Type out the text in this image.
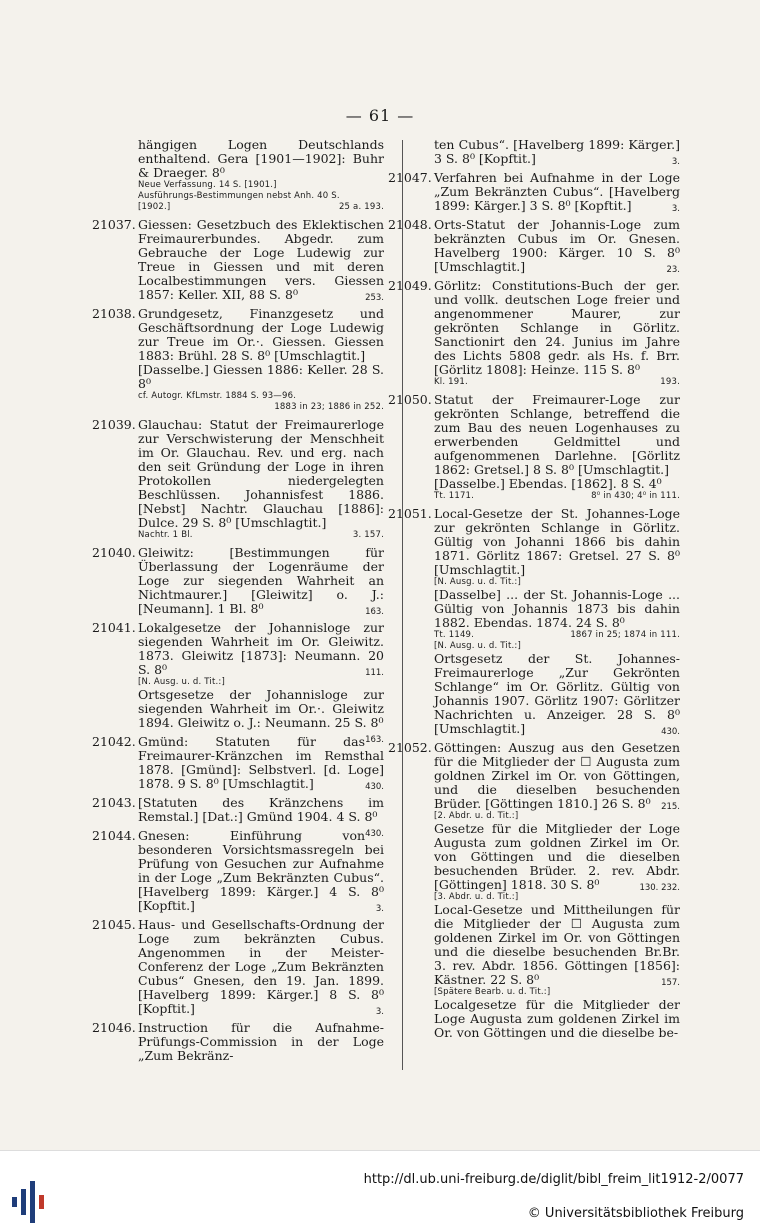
— 61 —
hängigen Logen Deutschlands enthaltend. Gera [1901—1902]: Buhr & Draeger. 8⁰
Neue Verfassung. 14 S. [1901.]
Ausführungs-Bestimmungen nebst Anh. 40 S.
[1902.]	25 a. 193.
21037. Giessen: Gesetzbuch des Eklektischen Freimaurerbundes. Abgedr. zum Gebrauche der Loge Ludewig zur Treue in Giessen und mit deren Localbestimmungen vers. Giessen 1857: Keller. XII, 88 S. 8⁰	253.
21038. Grundgesetz, Finanzgesetz und Geschäftsordnung der Loge Ludewig zur Treue im Or.·. Giessen. Giessen 1883: Brühl. 28 S. 8⁰ [Umschlagtit.]
[Dasselbe.] Giessen 1886: Keller. 28 S. 8⁰
cf. Autogr. KfLmstr. 1884 S. 93—96.
1883 in 23; 1886 in 252.
21039. Glauchau: Statut der Freimaurerloge zur Verschwisterung der Menschheit im Or. Glauchau. Rev. und erg. nach den seit Gründung der Loge in ihren Protokollen niedergelegten Beschlüssen. Johannisfest 1886. [Nebst] Nachtr. Glauchau [1886]: Dulce. 29 S. 8⁰ [Umschlagtit.]
Nachtr. 1 Bl.	3. 157.
21040. Gleiwitz: [Bestimmungen für Überlassung der Logenräume der Loge zur siegenden Wahrheit an Nichtmaurer.] [Gleiwitz] o. J.: [Neumann]. 1 Bl. 8⁰	163.
21041. Lokalgesetze der Johannisloge zur siegenden Wahrheit im Or. Gleiwitz. 1873. Gleiwitz [1873]: Neumann. 20 S. 8⁰	111.
[N. Ausg. u. d. Tit.:]
Ortsgesetze der Johannisloge zur siegenden Wahrheit im Or.·. Gleiwitz 1894. Gleiwitz o. J.: Neumann. 25 S. 8⁰
163.
21042. Gmünd: Statuten für das Freimaurer-Kränzchen im Remsthal 1878. [Gmünd]: Selbstverl. [d. Loge] 1878. 9 S. 8⁰ [Umschlagtit.]	430.
21043. [Statuten des Kränzchens im Remstal.] [Dat.:] Gmünd 1904. 4 S. 8⁰
430.
21044. Gnesen: Einführung von besonderen Vorsichtsmassregeln bei Prüfung von Gesuchen zur Aufnahme in der Loge „Zum Bekränzten Cubus“. [Havelberg 1899: Kärger.] 4 S. 8⁰ [Kopftit.]	3.
21045. Haus- und Gesellschafts-Ordnung der Loge zum bekränzten Cubus. Angenommen in der Meister-Conferenz der Loge „Zum Bekränzten Cubus“ Gnesen, den 19. Jan. 1899. [Havelberg 1899: Kärger.] 8 S. 8⁰ [Kopftit.]	3.
21046. Instruction für die Aufnahme-Prüfungs-Commission in der Loge „Zum Bekränz-
ten Cubus“. [Havelberg 1899: Kärger.] 3 S. 8⁰ [Kopftit.]	3.
21047. Verfahren bei Aufnahme in der Loge „Zum Bekränzten Cubus“. [Havelberg 1899: Kärger.] 3 S. 8⁰ [Kopftit.]	3.
21048. Orts-Statut der Johannis-Loge zum bekränzten Cubus im Or. Gnesen. Havelberg 1900: Kärger. 10 S. 8⁰ [Umschlagtit.]	23.
21049. Görlitz: Constitutions-Buch der ger. und vollk. deutschen Loge freier und angenommener Maurer, zur gekrönten Schlange in Görlitz. Sanctionirt den 24. Junius im Jahre des Lichts 5808 gedr. als Hs. f. Brr. [Görlitz 1808]: Heinze. 115 S. 8⁰
Kl. 191.	193.
21050. Statut der Freimaurer-Loge zur gekrönten Schlange, betreffend die zum Bau des neuen Logenhauses zu erwerbenden Geldmittel und aufgenommenen Darlehne. [Görlitz 1862: Gretsel.] 8 S. 8⁰ [Umschlagtit.]
[Dasselbe.] Ebendas. [1862]. 8 S. 4⁰
Tt. 1171.	8⁰ in 430; 4⁰ in 111.
21051. Local-Gesetze der St. Johannes-Loge zur gekrönten Schlange in Görlitz. Gültig von Johanni 1866 bis dahin 1871. Görlitz 1867: Gretsel. 27 S. 8⁰ [Umschlagtit.]
[N. Ausg. u. d. Tit.:]
[Dasselbe] ... der St. Johannis-Loge ... Gültig von Johannis 1873 bis dahin 1882. Ebendas. 1874. 24 S. 8⁰
Tt. 1149.	1867 in 25; 1874 in 111.
[N. Ausg. u. d. Tit.:]
Ortsgesetz der St. Johannes-Freimaurerloge „Zur Gekrönten Schlange“ im Or. Görlitz. Gültig von Johannis 1907. Görlitz 1907: Görlitzer Nachrichten u. Anzeiger. 28 S. 8⁰ [Umschlagtit.]	430.
21052. Göttingen: Auszug aus den Gesetzen für die Mitglieder der ☐ Augusta zum goldnen Zirkel im Or. von Göttingen, und die dieselben besuchenden Brüder. [Göttingen 1810.] 26 S. 8⁰ 215.
[2. Abdr. u. d. Tit.:]
Gesetze für die Mitglieder der Loge Augusta zum goldnen Zirkel im Or. von Göttingen und die dieselben besuchenden Brüder. 2. rev. Abdr. [Göttingen] 1818. 30 S. 8⁰	130. 232.
[3. Abdr. u. d. Tit.:]
Local-Gesetze und Mittheilungen für die Mitglieder der ☐ Augusta zum goldenen Zirkel im Or. von Göttingen und die dieselbe besuchenden Br.Br. 3. rev. Abdr. 1856. Göttingen [1856]: Kästner. 22 S. 8⁰	157.
[Spätere Bearb. u. d. Tit.:]
Localgesetze für die Mitglieder der Loge Augusta zum goldenen Zirkel im Or. von Göttingen und die dieselbe be-
http://dl.ub.uni-freiburg.de/diglit/bibl_freim_lit1912-2/0077
© Universitätsbibliothek Freiburg
